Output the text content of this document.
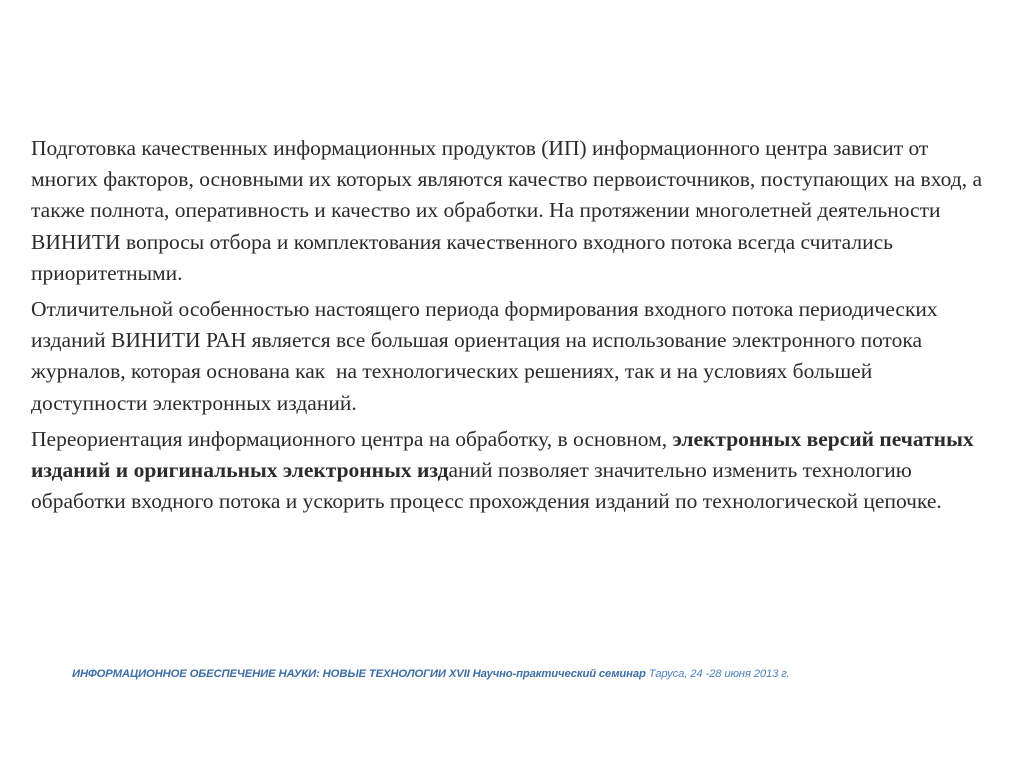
Подготовка качественных информационных продуктов (ИП) информационного центра зависит от многих факторов, основными их которых являются качество первоисточников, поступающих на вход, а также полнота, оперативность и качество их обработки. На протяжении многолетней деятельности ВИНИТИ вопросы отбора и комплектования качественного входного потока всегда считались приоритетными.

Отличительной особенностью настоящего периода формирования входного потока периодических изданий ВИНИТИ РАН является все большая ориентация на использование электронного потока журналов, которая основана как  на технологических решениях, так и на условиях большей доступности электронных изданий.

Переориентация информационного центра на обработку, в основном, электронных версий печатных изданий и оригинальных электронных изданий позволяет значительно изменить технологию обработки входного потока и ускорить процесс прохождения изданий по технологической цепочке.

ИНФОРМАЦИОННОЕ ОБЕСПЕЧЕНИЕ НАУКИ: НОВЫЕ ТЕХНОЛОГИИ XVII Научно-практический семинар Таруса, 24 -28 июня 2013 г.
